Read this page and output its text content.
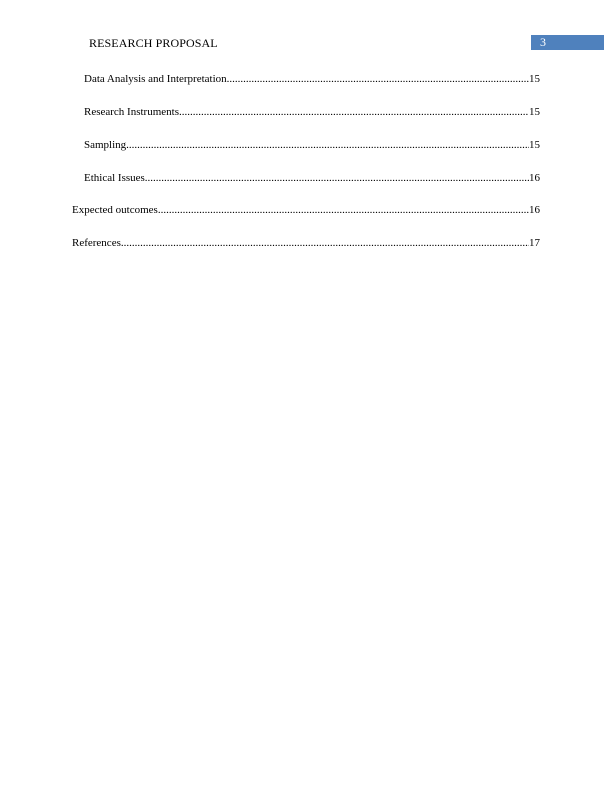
RESEARCH PROPOSAL	3
Data Analysis and Interpretation .....	15
Research Instruments .....	15
Sampling .....	15
Ethical Issues .....	16
Expected outcomes .....	16
References .....	17
